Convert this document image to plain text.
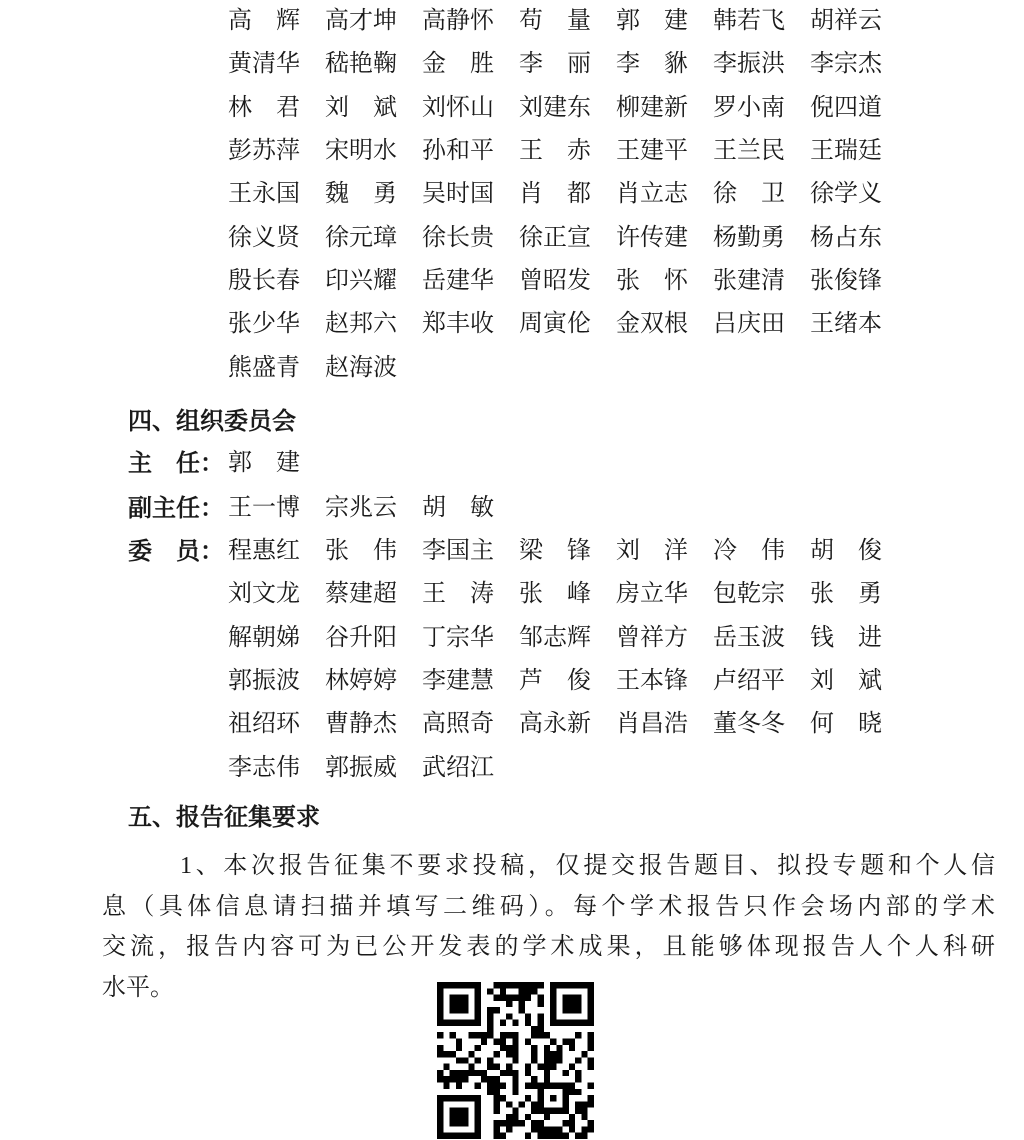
高　辉 高才坤 高静怀 苟　量 郭　建 韩若飞 胡祥云
黄清华 嵇艳鞠 金　胜 李　丽 李　貅 李振洪 李宗杰
林　君 刘　斌 刘怀山 刘建东 柳建新 罗小南 倪四道
彭苏萍 宋明水 孙和平 王　赤 王建平 王兰民 王瑞廷
王永国 魏　勇 吴时国 肖　都 肖立志 徐　卫 徐学义
徐义贤 徐元璋 徐长贵 徐正宣 许传建 杨勤勇 杨占东
殷长春 印兴耀 岳建华 曾昭发 张　怀 张建清 张俊锋
张少华 赵邦六 郑丰收 周寅伦 金双根 吕庆田 王绪本
熊盛青 赵海波
四、组织委员会
主　任： 郭　建
副主任： 王一博 宗兆云 胡　敏
委　员： 程惠红 张　伟 李国主 梁　锋 刘　洋 冷　伟 胡　俊
刘文龙 蔡建超 王　涛 张　峰 房立华 包乾宗 张　勇
解朝娣 谷升阳 丁宗华 邹志辉 曾祥方 岳玉波 钱　进
郭振波 林婷婷 李建慧 芦　俊 王本锋 卢绍平 刘　斌
祖绍环 曹静杰 高照奇 高永新 肖昌浩 董冬冬 何　晓
李志伟 郭振威 武绍江
五、报告征集要求
1、本次报告征集不要求投稿，仅提交报告题目、拟投专题和个人信
息（具体信息请扫描并填写二维码）。每个学术报告只作会场内部的学术
交流，报告内容可为已公开发表的学术成果，且能够体现报告人个人科研
水平。
